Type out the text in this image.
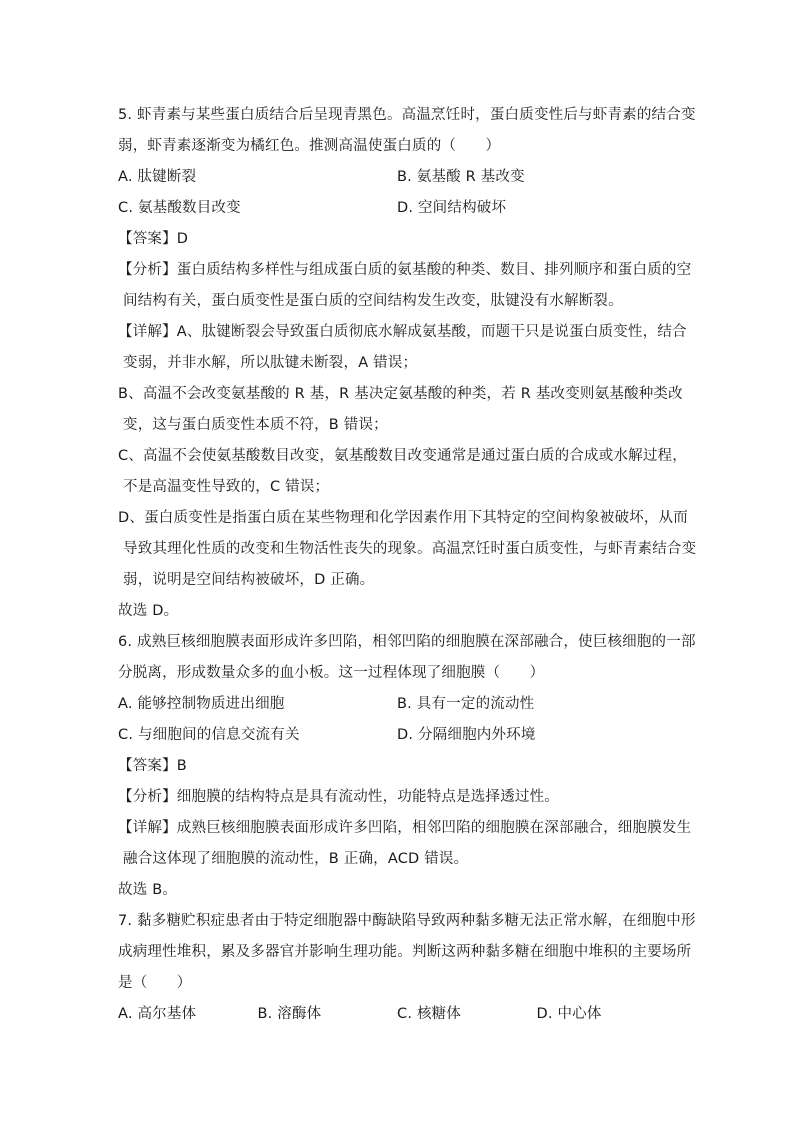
5. 虾青素与某些蛋白质结合后呈现青黑色。高温烹饪时，蛋白质变性后与虾青素的结合变
弱，虾青素逐渐变为橘红色。推测高温使蛋白质的（　　）
A. 肽键断裂	B. 氨基酸 R 基改变
C. 氨基酸数目改变	D. 空间结构破坏
【答案】D
【分析】蛋白质结构多样性与组成蛋白质的氨基酸的种类、数目、排列顺序和蛋白质的空
间结构有关，蛋白质变性是蛋白质的空间结构发生改变，肽键没有水解断裂。
【详解】A、肽键断裂会导致蛋白质彻底水解成氨基酸，而题干只是说蛋白质变性，结合
变弱，并非水解，所以肽键未断裂，A 错误；
B、高温不会改变氨基酸的 R 基，R 基决定氨基酸的种类，若 R 基改变则氨基酸种类改
变，这与蛋白质变性本质不符，B 错误；
C、高温不会使氨基酸数目改变，氨基酸数目改变通常是通过蛋白质的合成或水解过程，
不是高温变性导致的，C 错误；
D、蛋白质变性是指蛋白质在某些物理和化学因素作用下其特定的空间构象被破坏，从而
导致其理化性质的改变和生物活性丧失的现象。高温烹饪时蛋白质变性，与虾青素结合变
弱，说明是空间结构被破坏，D 正确。
故选 D。
6. 成熟巨核细胞膜表面形成许多凹陷，相邻凹陷的细胞膜在深部融合，使巨核细胞的一部
分脱离，形成数量众多的血小板。这一过程体现了细胞膜（　　）
A. 能够控制物质进出细胞	B. 具有一定的流动性
C. 与细胞间的信息交流有关	D. 分隔细胞内外环境
【答案】B
【分析】细胞膜的结构特点是具有流动性，功能特点是选择透过性。
【详解】成熟巨核细胞膜表面形成许多凹陷，相邻凹陷的细胞膜在深部融合，细胞膜发生
融合这体现了细胞膜的流动性，B 正确，ACD 错误。
故选 B。
7. 黏多糖贮积症患者由于特定细胞器中酶缺陷导致两种黏多糖无法正常水解，在细胞中形
成病理性堆积，累及多器官并影响生理功能。判断这两种黏多糖在细胞中堆积的主要场所
是（　　）
A. 高尔基体	B. 溶酶体	C. 核糖体	D. 中心体
